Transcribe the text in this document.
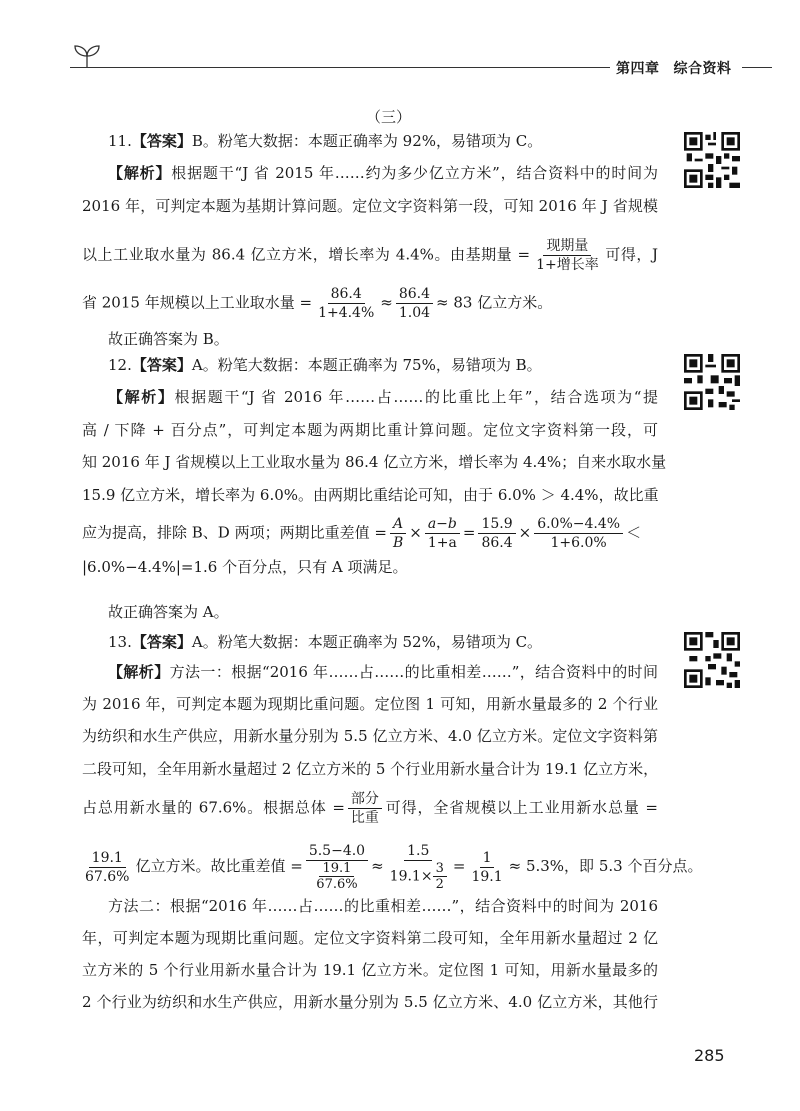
第四章 综合资料
（三）
11.【答案】B。粉笔大数据：本题正确率为 92%，易错项为 C。
【解析】根据题干“J 省 2015 年……约为多少亿立方米”，结合资料中的时间为
2016 年，可判定本题为基期计算问题。定位文字资料第一段，可知 2016 年 J 省规模
以上工业取水量为 86.4 亿立方米，增长率为 4.4%。由基期量 = $\frac{\text{现期量}}{\text{1+增长率}}$ 可得，J
省 2015 年规模以上工业取水量 = $\frac{86.4}{1+4.4\%} \approx \frac{86.4}{1.04} \approx 83$ 亿立方米。
故正确答案为 B。
12.【答案】A。粉笔大数据：本题正确率为 75%，易错项为 B。
【解析】根据题干“J 省 2016 年……占……的比重比上年”，结合选项为“提
高 / 下降 + 百分点”，可判定本题为两期比重计算问题。定位文字资料第一段，可
知 2016 年 J 省规模以上工业取水量为 86.4 亿立方米，增长率为 4.4%；自来水取水量
15.9 亿立方米，增长率为 6.0%。由两期比重结论可知，由于 6.0% ＞ 4.4%，故比重
应为提高，排除 B、D 两项；两期比重差值 = $\frac{A}{B} \times \frac{a-b}{1+a} = \frac{15.9}{86.4} \times \frac{6.0\%-4.4\%}{1+6.0\%}$ ＜
|6.0%−4.4%|=1.6 个百分点，只有 A 项满足。
故正确答案为 A。
13.【答案】A。粉笔大数据：本题正确率为 52%，易错项为 C。
【解析】方法一：根据“2016 年……占……的比重相差……”，结合资料中的时间
为 2016 年，可判定本题为现期比重问题。定位图 1 可知，用新水量最多的 2 个行业
为纺织和水生产供应，用新水量分别为 5.5 亿立方米、4.0 亿立方米。定位文字资料第
二段可知，全年用新水量超过 2 亿立方米的 5 个行业用新水量合计为 19.1 亿立方米，
占总用新水量的 67.6%。根据总体 = $\frac{\text{部分}}{\text{比重}}$ 可得，全省规模以上工业用新水总量 =
$\frac{19.1}{67.6\%}$ 亿立方米。故比重差值 = $\frac{5.5-4.0}{\frac{19.1}{67.6\%}} \approx \frac{1.5}{19.1\times \frac{3}{2}} = \frac{1}{19.1} \approx 5.3\%$，即 5.3 个百分点。
方法二：根据“2016 年……占……的比重相差……”，结合资料中的时间为 2016
年，可判定本题为现期比重问题。定位文字资料第二段可知，全年用新水量超过 2 亿
立方米的 5 个行业用新水量合计为 19.1 亿立方米。定位图 1 可知，用新水量最多的
2 个行业为纺织和水生产供应，用新水量分别为 5.5 亿立方米、4.0 亿立方米，其他行
285
